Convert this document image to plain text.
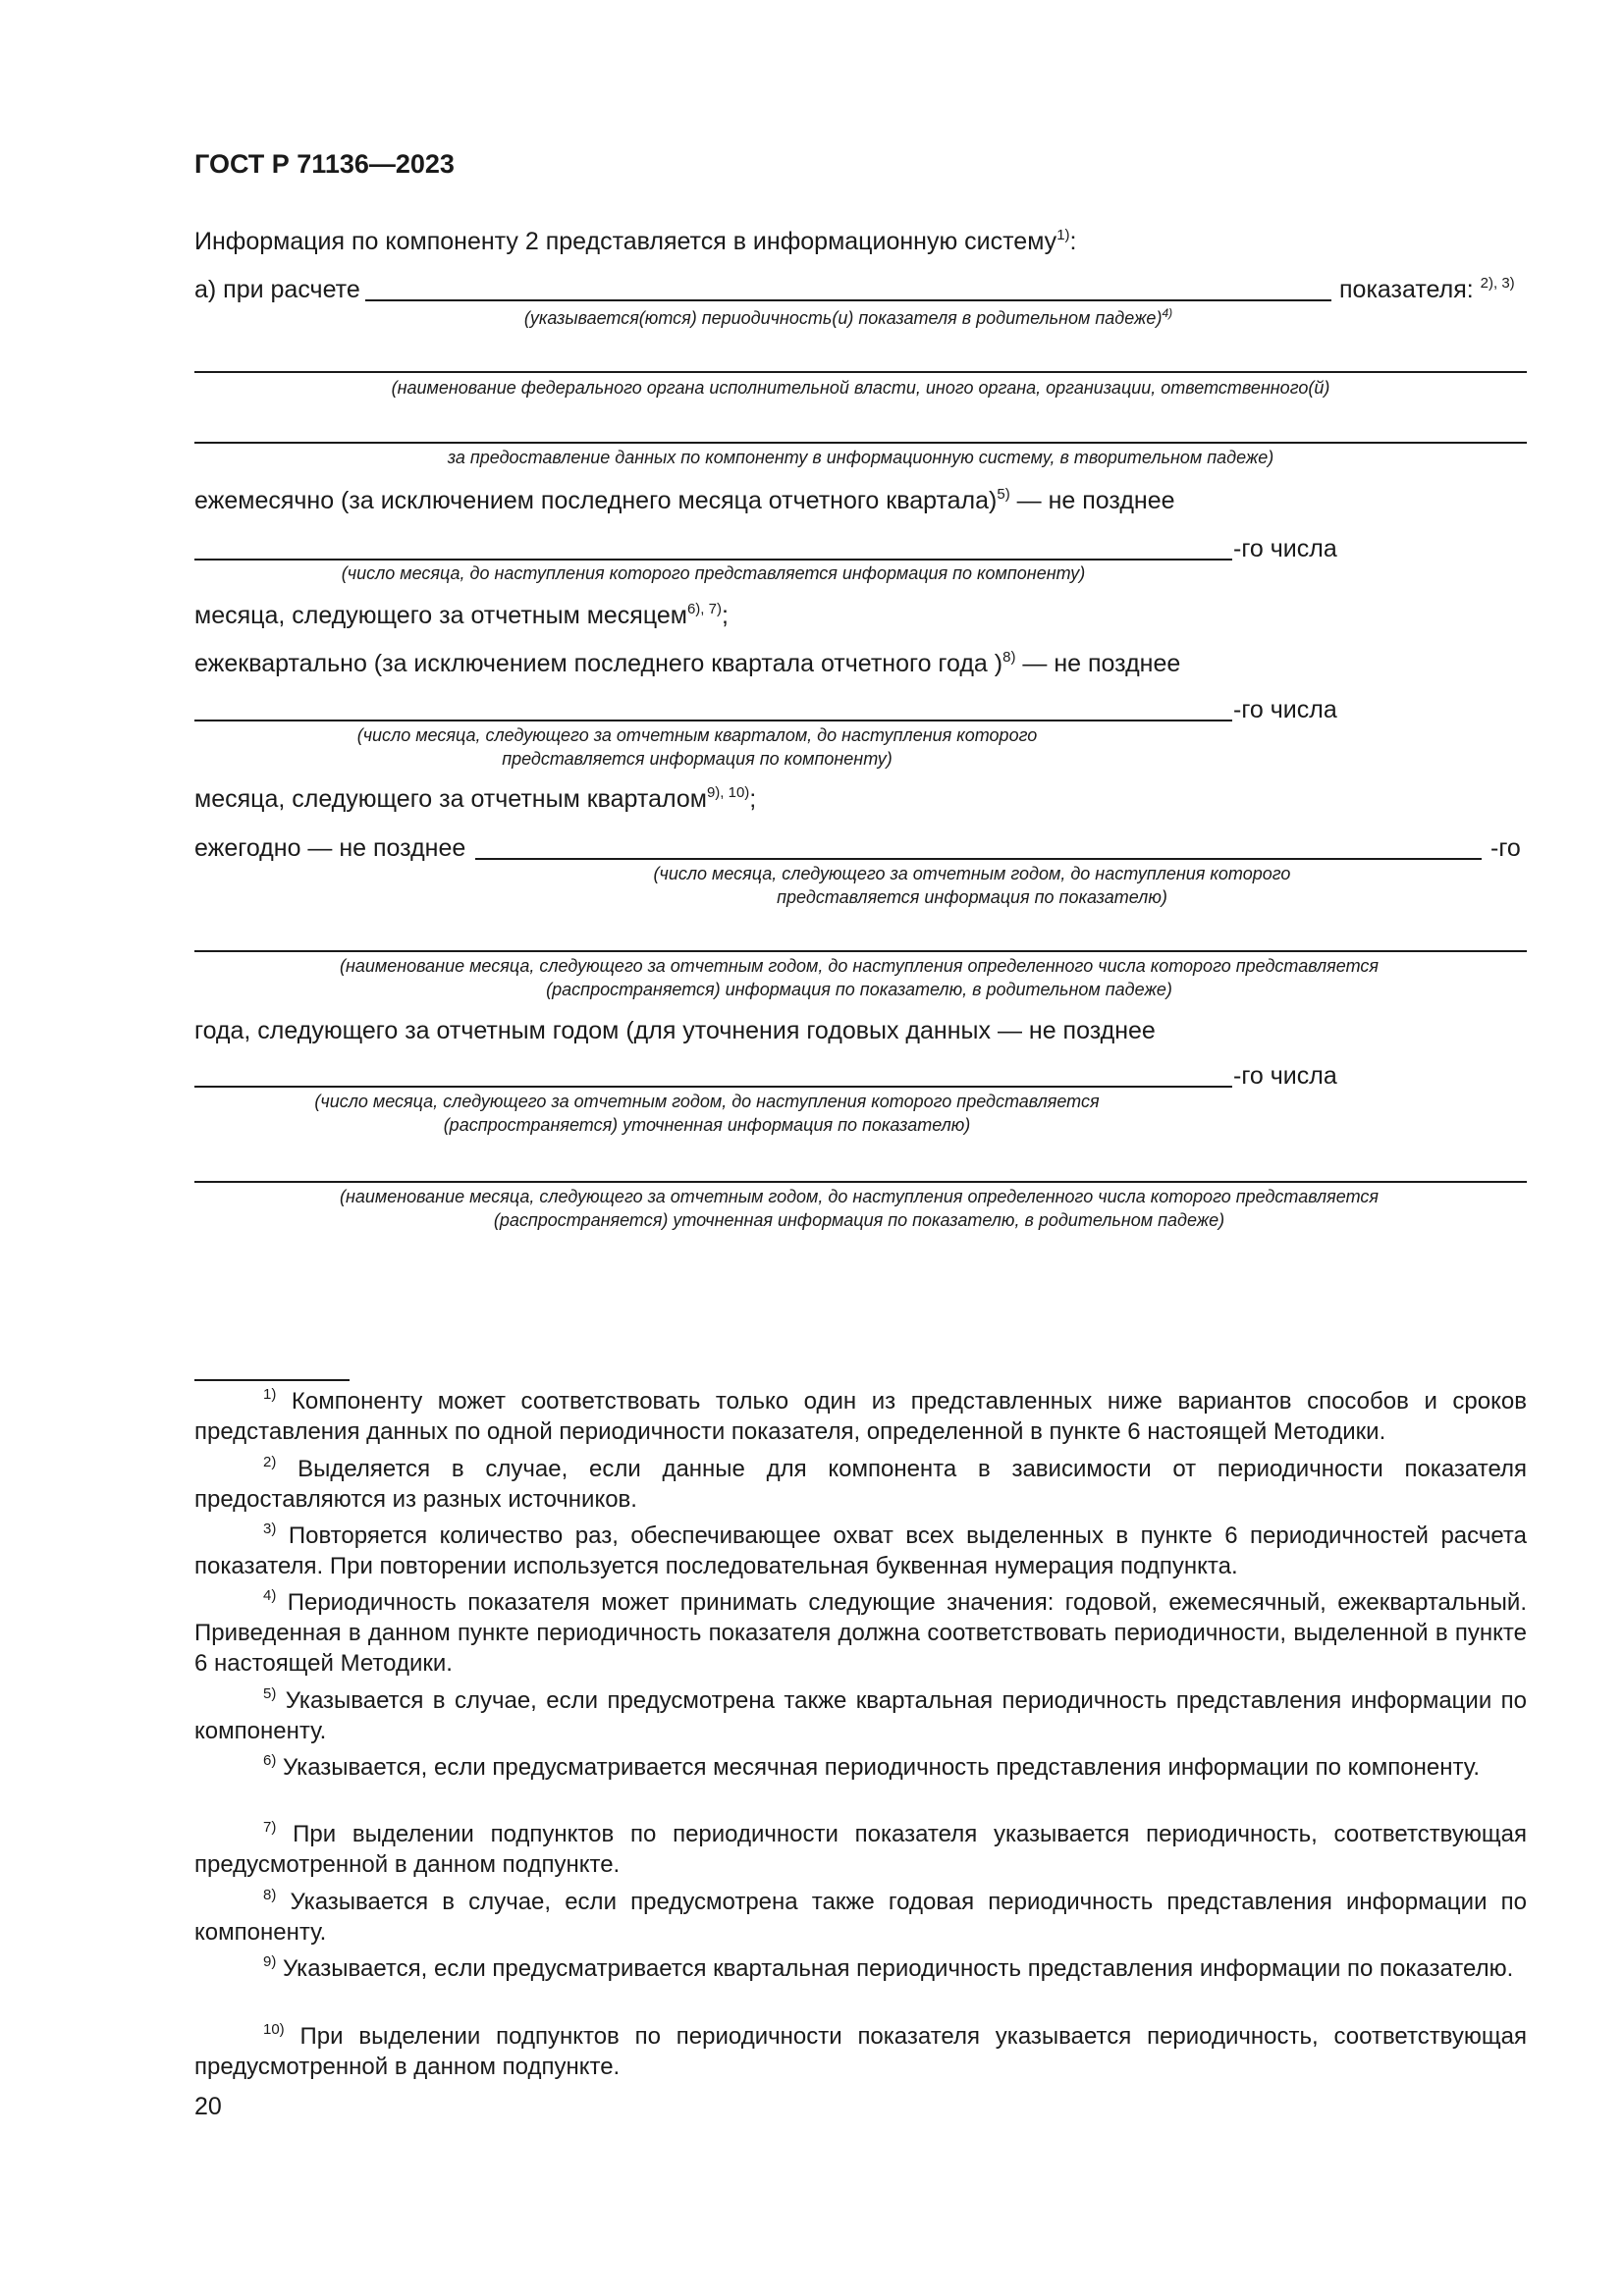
ГОСТ Р 71136—2023
Информация по компоненту 2 представляется в информационную систему$^{1)}$:
а) при расчете	показателя: $^{2), 3)}$
(указывается(ются) периодичность(и) показателя в родительном падеже)$^{4)}$
(наименование федерального органа исполнительной власти, иного органа, организации, ответственного(й)
за предоставление данных по компоненту в информационную систему, в творительном падеже)
ежемесячно (за исключением последнего месяца отчетного квартала)$^{5)}$ — не позднее
-го числа
(число месяца, до наступления которого представляется информация по компоненту)
месяца, следующего за отчетным месяцем$^{6), 7)}$;
ежеквартально (за исключением последнего квартала отчетного года )$^{8)}$ — не позднее
-го числа
(число месяца, следующего за отчетным кварталом, до наступления которого представляется информация по компоненту)
месяца, следующего за отчетным кварталом$^{9), 10)}$;
ежегодно — не позднее	-го
(число месяца, следующего за отчетным годом, до наступления которого представляется информация по показателю)
(наименование месяца, следующего за отчетным годом, до наступления определенного числа которого представляется (распространяется) информация по показателю, в родительном падеже)
года, следующего за отчетным годом (для уточнения годовых данных — не позднее
-го числа
(число месяца, следующего за отчетным годом, до наступления которого представляется (распространяется) уточненная информация по показателю)
(наименование месяца, следующего за отчетным годом, до наступления определенного числа которого представляется (распространяется) уточненная информация по показателю, в родительном падеже)
$^{1)}$ Компоненту может соответствовать только один из представленных ниже вариантов способов и сроков представления данных по одной периодичности показателя, определенной в пункте 6 настоящей Методики.
$^{2)}$ Выделяется в случае, если данные для компонента в зависимости от периодичности показателя предоставляются из разных источников.
$^{3)}$ Повторяется количество раз, обеспечивающее охват всех выделенных в пункте 6 периодичностей расчета показателя. При повторении используется последовательная буквенная нумерация подпункта.
$^{4)}$ Периодичность показателя может принимать следующие значения: годовой, ежемесячный, ежеквартальный. Приведенная в данном пункте периодичность показателя должна соответствовать периодичности, выделенной в пункте 6 настоящей Методики.
$^{5)}$ Указывается в случае, если предусмотрена также квартальная периодичность представления информации по компоненту.
$^{6)}$ Указывается, если предусматривается месячная периодичность представления информации по компоненту.
$^{7)}$ При выделении подпунктов по периодичности показателя указывается периодичность, соответствующая предусмотренной в данном подпункте.
$^{8)}$ Указывается в случае, если предусмотрена также годовая периодичность представления информации по компоненту.
$^{9)}$ Указывается, если предусматривается квартальная периодичность представления информации по показателю.
$^{10)}$ При выделении подпунктов по периодичности показателя указывается периодичность, соответствующая предусмотренной в данном подпункте.
20
